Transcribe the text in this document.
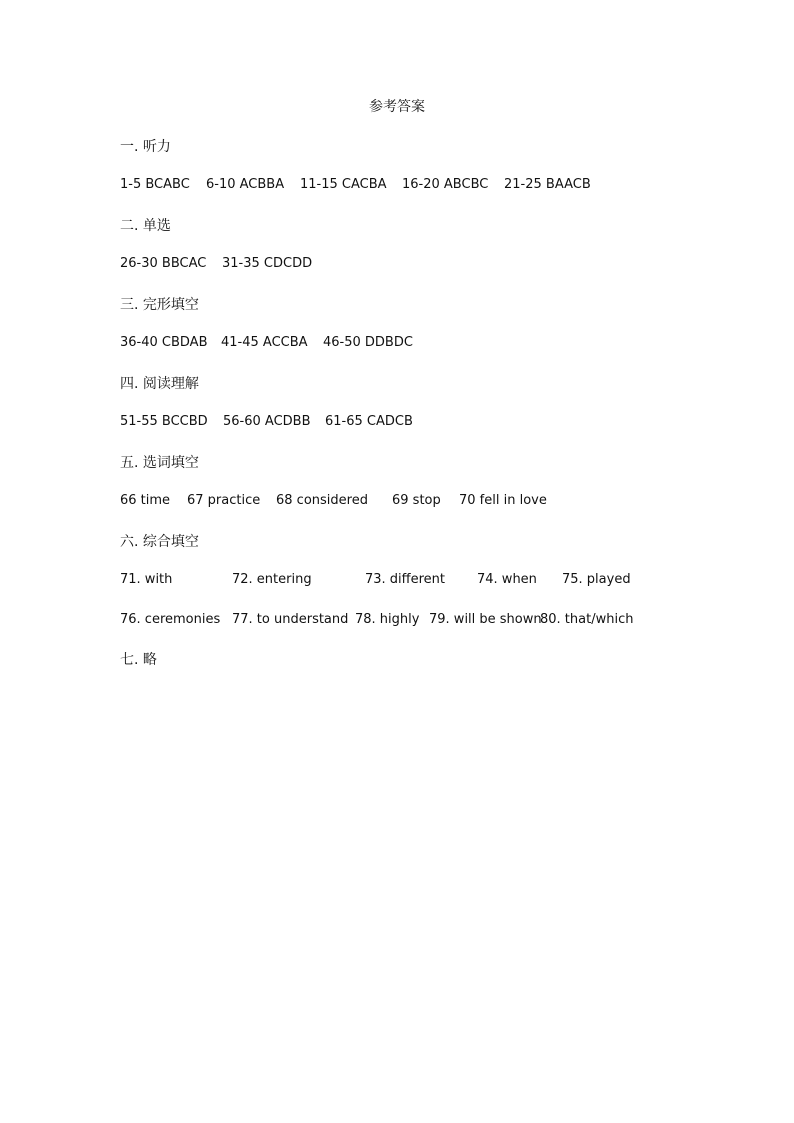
参考答案
一. 听力
1-5 BCABC 6-10 ACBBA 11-15 CACBA 16-20 ABCBC 21-25 BAACB
二. 单选
26-30 BBCAC 31-35 CDCDD
三. 完形填空
36-40 CBDAB 41-45 ACCBA 46-50 DDBDC
四. 阅读理解
51-55 BCCBD 56-60 ACDBB 61-65 CADCB
五. 选词填空
66 time 67 practice 68 considered 69 stop 70 fell in love
六. 综合填空
71. with	72. entering	73. different 74. when 75. played
76. ceremonies 77. to understand 78. highly 79. will be shown
80. that/which
七. 略
